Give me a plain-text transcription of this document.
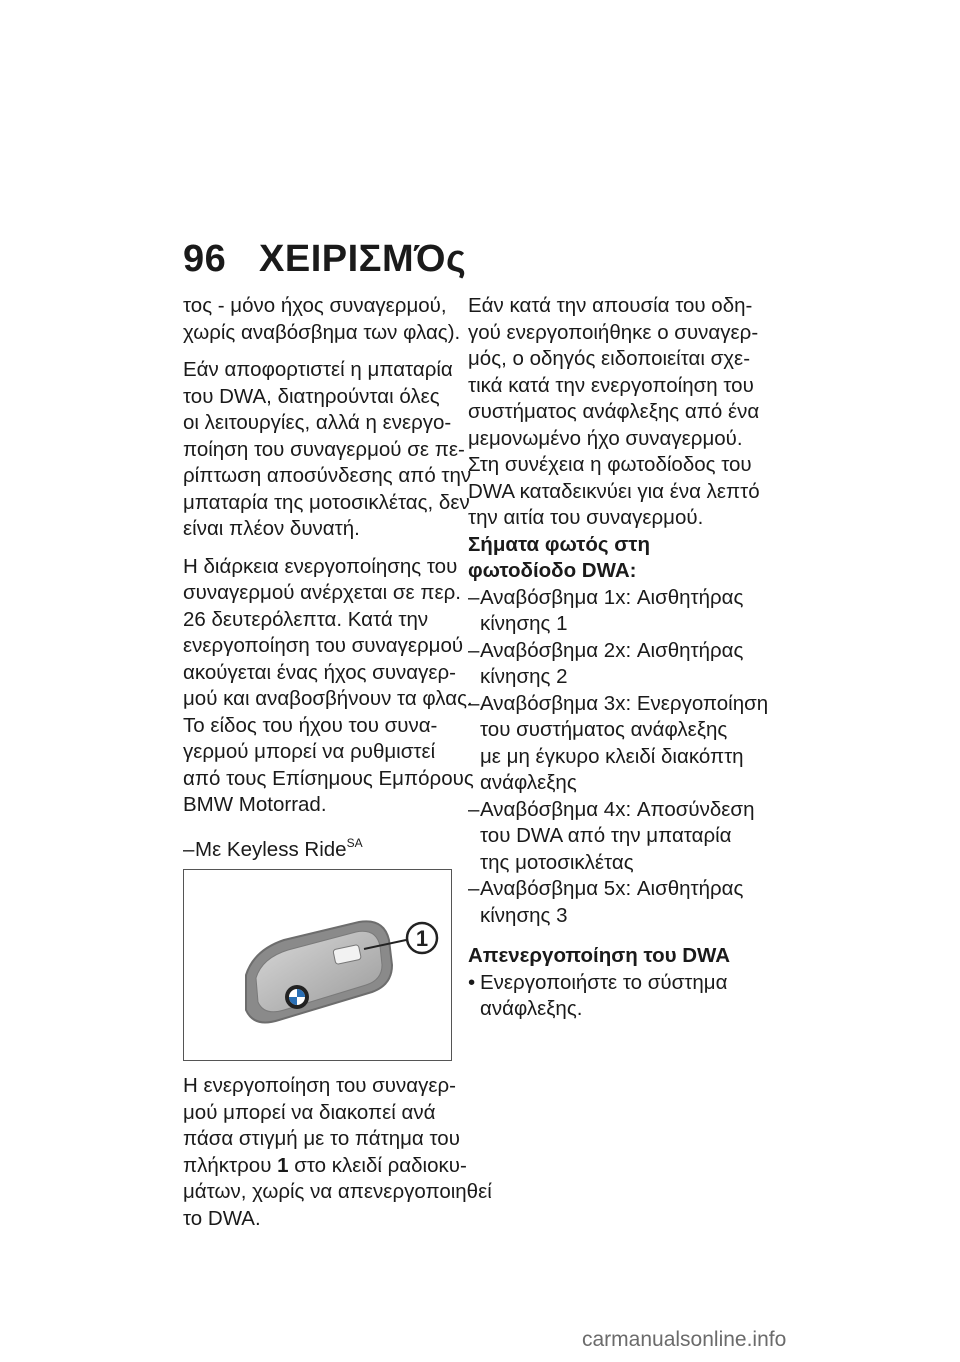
96 ΧΕΙΡΙΣΜΌς
τος - μόνο ήχος συναγερμού,
χωρίς αναβόσβημα των φλας).
Εάν αποφορτιστεί η μπαταρία
του DWA, διατηρούνται όλες
οι λειτουργίες, αλλά η ενεργο-
ποίηση του συναγερμού σε πε-
ρίπτωση αποσύνδεσης από την
μπαταρία της μοτοσικλέτας, δεν
είναι πλέον δυνατή.
Η διάρκεια ενεργοποίησης του
συναγερμού ανέρχεται σε περ.
26 δευτερόλεπτα. Κατά την
ενεργοποίηση του συναγερμού
ακούγεται ένας ήχος συναγερ-
μού και αναβοσβήνουν τα φλας.
Το είδος του ήχου του συνα-
γερμού μπορεί να ρυθμιστεί
από τους Επίσημους Εμπόρους
BMW Motorrad.
– Με Keyless Ride$^{SA}$
1
Η ενεργοποίηση του συναγερ-
μού μπορεί να διακοπεί ανά
πάσα στιγμή με το πάτημα του
πλήκτρου 1 στο κλειδί ραδιοκυ-
μάτων, χωρίς να απενεργοποιηθεί
το DWA.
Εάν κατά την απουσία του οδη-
γού ενεργοποιήθηκε ο συναγερ-
μός, ο οδηγός ειδοποιείται σχε-
τικά κατά την ενεργοποίηση του
συστήματος ανάφλεξης από ένα
μεμονωμένο ήχο συναγερμού.
Στη συνέχεια η φωτοδίοδος του
DWA καταδεικνύει για ένα λεπτό
την αιτία του συναγερμού.
Σήματα φωτός στη
φωτοδίοδο DWA:
– Αναβόσβημα 1x: Αισθητήρας
κίνησης 1
– Αναβόσβημα 2x: Αισθητήρας
κίνησης 2
– Αναβόσβημα 3x: Ενεργοποίηση
του συστήματος ανάφλεξης
με μη έγκυρο κλειδί διακόπτη
ανάφλεξης
– Αναβόσβημα 4x: Αποσύνδεση
του DWA από την μπαταρία
της μοτοσικλέτας
– Αναβόσβημα 5x: Αισθητήρας
κίνησης 3
Απενεργοποίηση του DWA
• Ενεργοποιήστε το σύστημα
ανάφλεξης.
carmanualsonline.info
